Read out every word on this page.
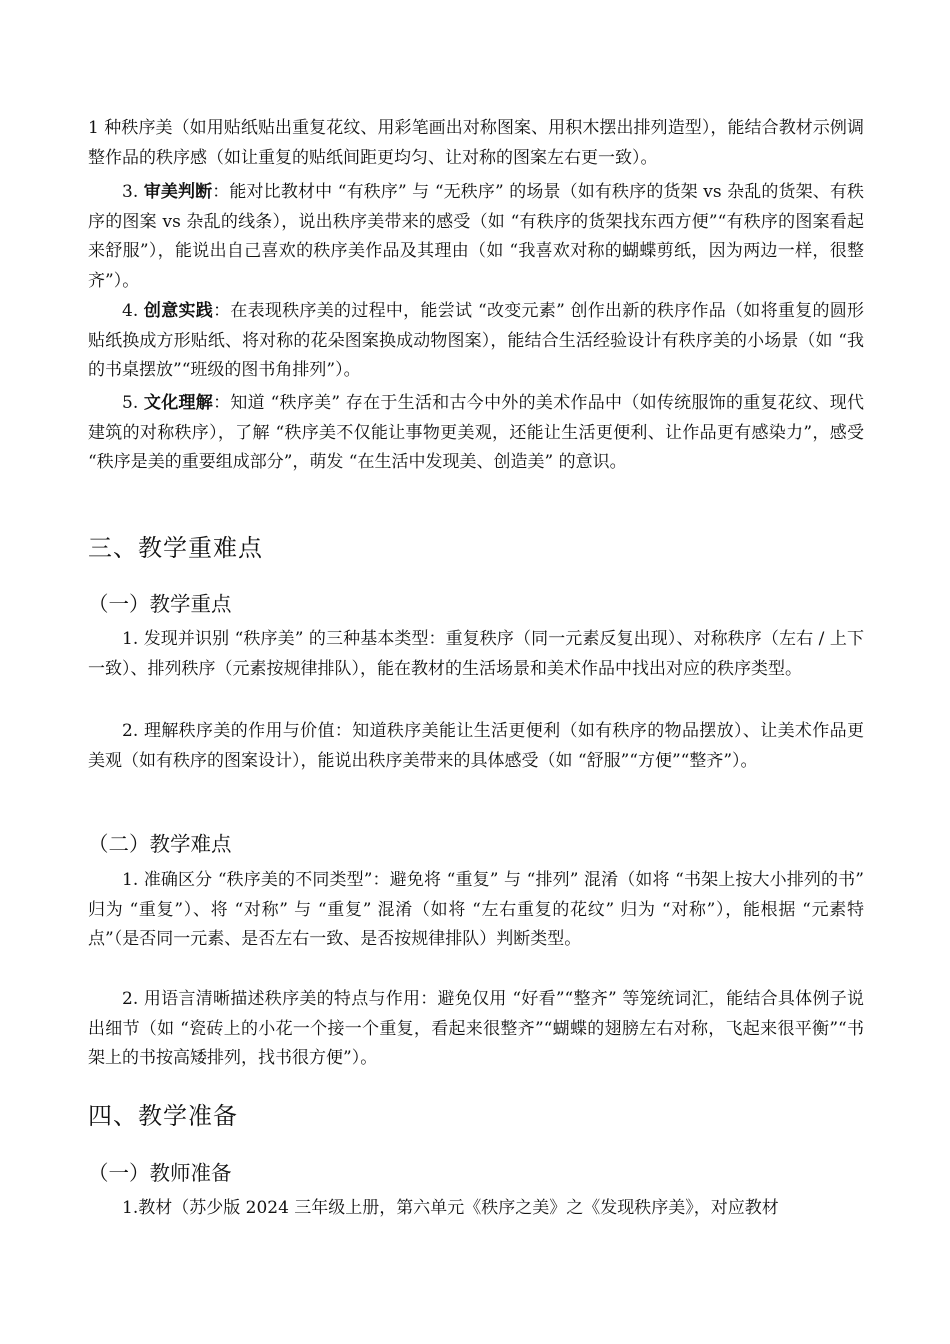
1 种秩序美（如用贴纸贴出重复花纹、用彩笔画出对称图案、用积木摆出排列造型），能结合教材示例调整作品的秩序感（如让重复的贴纸间距更均匀、让对称的图案左右更一致）。

3. 审美判断：能对比教材中 “有秩序” 与 “无秩序” 的场景（如有秩序的货架 vs 杂乱的货架、有秩序的图案 vs 杂乱的线条），说出秩序美带来的感受（如 “有秩序的货架找东西方便”“有秩序的图案看起来舒服”），能说出自己喜欢的秩序美作品及其理由（如 “我喜欢对称的蝴蝶剪纸，因为两边一样，很整齐”）。

4. 创意实践：在表现秩序美的过程中，能尝试 “改变元素” 创作出新的秩序作品（如将重复的圆形贴纸换成方形贴纸、将对称的花朵图案换成动物图案），能结合生活经验设计有秩序美的小场景（如 “我的书桌摆放”“班级的图书角排列”）。

5. 文化理解：知道 “秩序美” 存在于生活和古今中外的美术作品中（如传统服饰的重复花纹、现代建筑的对称秩序），了解 “秩序美不仅能让事物更美观，还能让生活更便利、让作品更有感染力”，感受 “秩序是美的重要组成部分”，萌发 “在生活中发现美、创造美” 的意识。

三、教学重难点
（一）教学重点

1. 发现并识别 “秩序美” 的三种基本类型：重复秩序（同一元素反复出现）、对称秩序（左右 / 上下一致）、排列秩序（元素按规律排队），能在教材的生活场景和美术作品中找出对应的秩序类型。

2. 理解秩序美的作用与价值：知道秩序美能让生活更便利（如有秩序的物品摆放）、让美术作品更美观（如有秩序的图案设计），能说出秩序美带来的具体感受（如 “舒服”“方便”“整齐”）。

（二）教学难点

1. 准确区分 “秩序美的不同类型”：避免将 “重复” 与 “排列” 混淆（如将 “书架上按大小排列的书” 归为 “重复”）、将 “对称” 与 “重复” 混淆（如将 “左右重复的花纹” 归为 “对称”），能根据 “元素特点”（是否同一元素、是否左右一致、是否按规律排队）判断类型。

2. 用语言清晰描述秩序美的特点与作用：避免仅用 “好看”“整齐” 等笼统词汇，能结合具体例子说出细节（如 “瓷砖上的小花一个接一个重复，看起来很整齐”“蝴蝶的翅膀左右对称，飞起来很平衡”“书架上的书按高矮排列，找书很方便”）。

四、教学准备
（一）教师准备

1.教材（苏少版 2024 三年级上册，第六单元《秩序之美》之《发现秩序美》，对应教材
